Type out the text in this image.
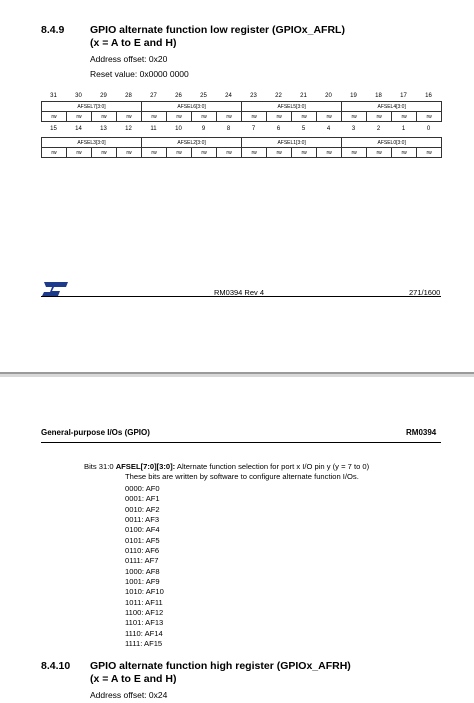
8.4.9 GPIO alternate function low register (GPIOx_AFRL)
(x = A to E and H)
Address offset: 0x20
Reset value: 0x0000 0000
31	30	29	28	27	26	25	24	23	22	21	20	19	18	17	16
AFSEL7[3:0]				AFSEL6[3:0]				AFSEL5[3:0]				AFSEL4[3:0]			
rw	rw	rw	rw	rw	rw	rw	rw	rw	rw	rw	rw	rw	rw	rw	rw
15	14	13	12	11	10	9	8	7	6	5	4	3	2	1	0
AFSEL3[3:0]				AFSEL2[3:0]				AFSEL1[3:0]				AFSEL0[3:0]			
rw	rw	rw	rw	rw	rw	rw	rw	rw	rw	rw	rw	rw	rw	rw	rw
RM0394 Rev 4	271/1600
General-purpose I/Os (GPIO)	RM0394
Bits 31:0 AFSEL[7:0][3:0]: Alternate function selection for port x I/O pin y (y = 7 to 0)
These bits are written by software to configure alternate function I/Os.
0000: AF0
0001: AF1
0010: AF2
0011: AF3
0100: AF4
0101: AF5
0110: AF6
0111: AF7
1000: AF8
1001: AF9
1010: AF10
1011: AF11
1100: AF12
1101: AF13
1110: AF14
1111: AF15
8.4.10 GPIO alternate function high register (GPIOx_AFRH)
(x = A to E and H)
Address offset: 0x24
